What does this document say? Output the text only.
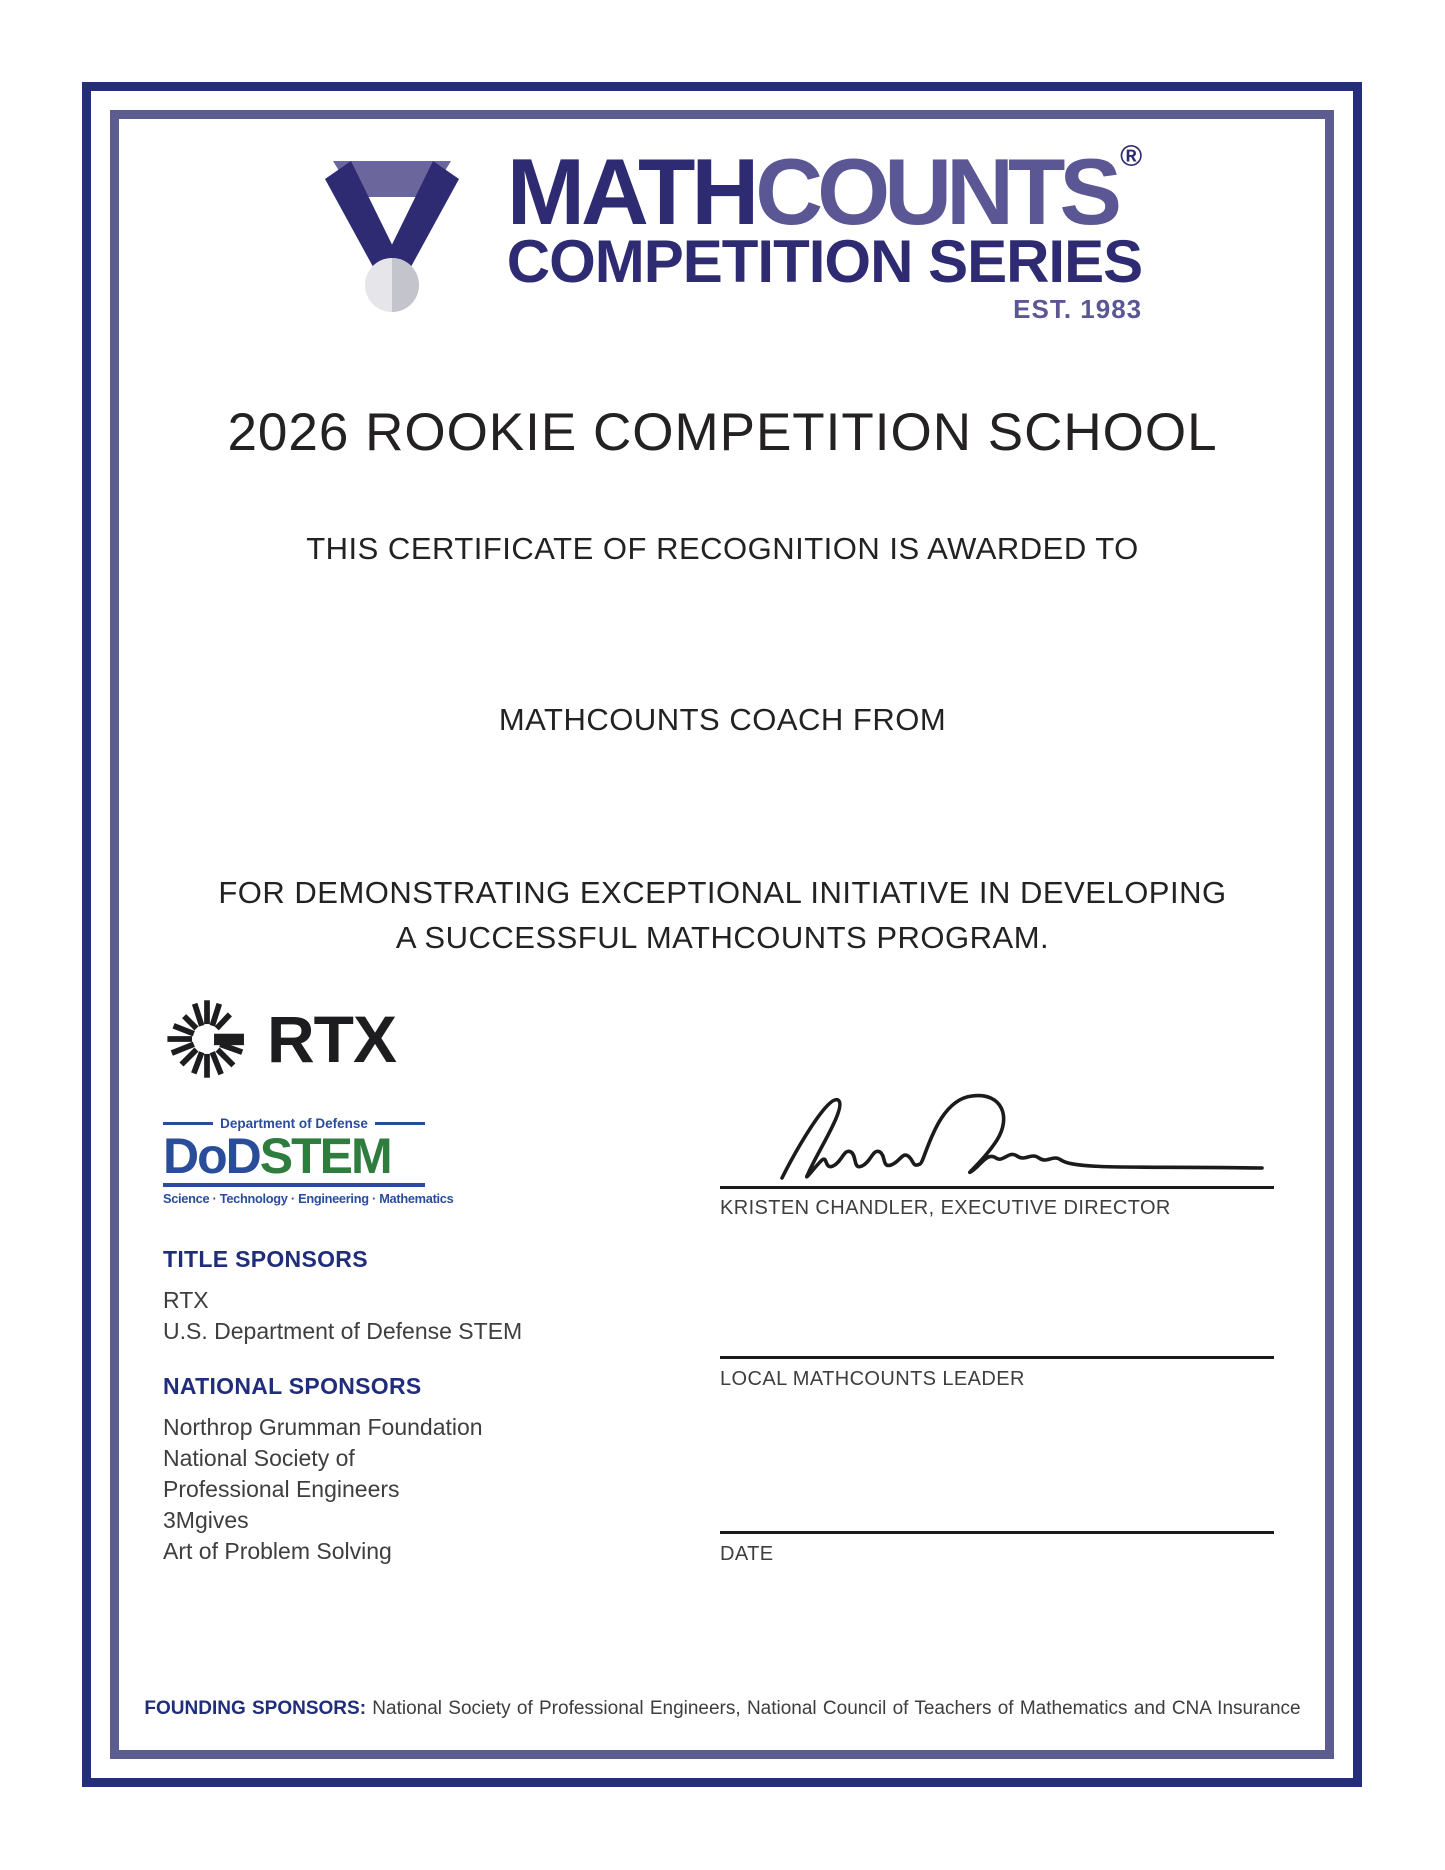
MATHCOUNTS ®
COMPETITION SERIES
EST. 1983
2026 ROOKIE COMPETITION SCHOOL
THIS CERTIFICATE OF RECOGNITION IS AWARDED TO
MATHCOUNTS COACH FROM
FOR DEMONSTRATING EXCEPTIONAL INITIATIVE IN DEVELOPING
A SUCCESSFUL MATHCOUNTS PROGRAM.
RTX
Department of Defense
DoDSTEM
Science · Technology · Engineering · Mathematics	KRISTEN CHANDLER, EXECUTIVE DIRECTOR
LOCAL MATHCOUNTS LEADER
DATE
TITLE SPONSORS
RTX
U.S. Department of Defense STEM
NATIONAL SPONSORS
Northrop Grumman Foundation
National Society of
Professional Engineers
3Mgives
Art of Problem Solving
FOUNDING SPONSORS: National Society of Professional Engineers, National Council of Teachers of Mathematics and CNA Insurance
